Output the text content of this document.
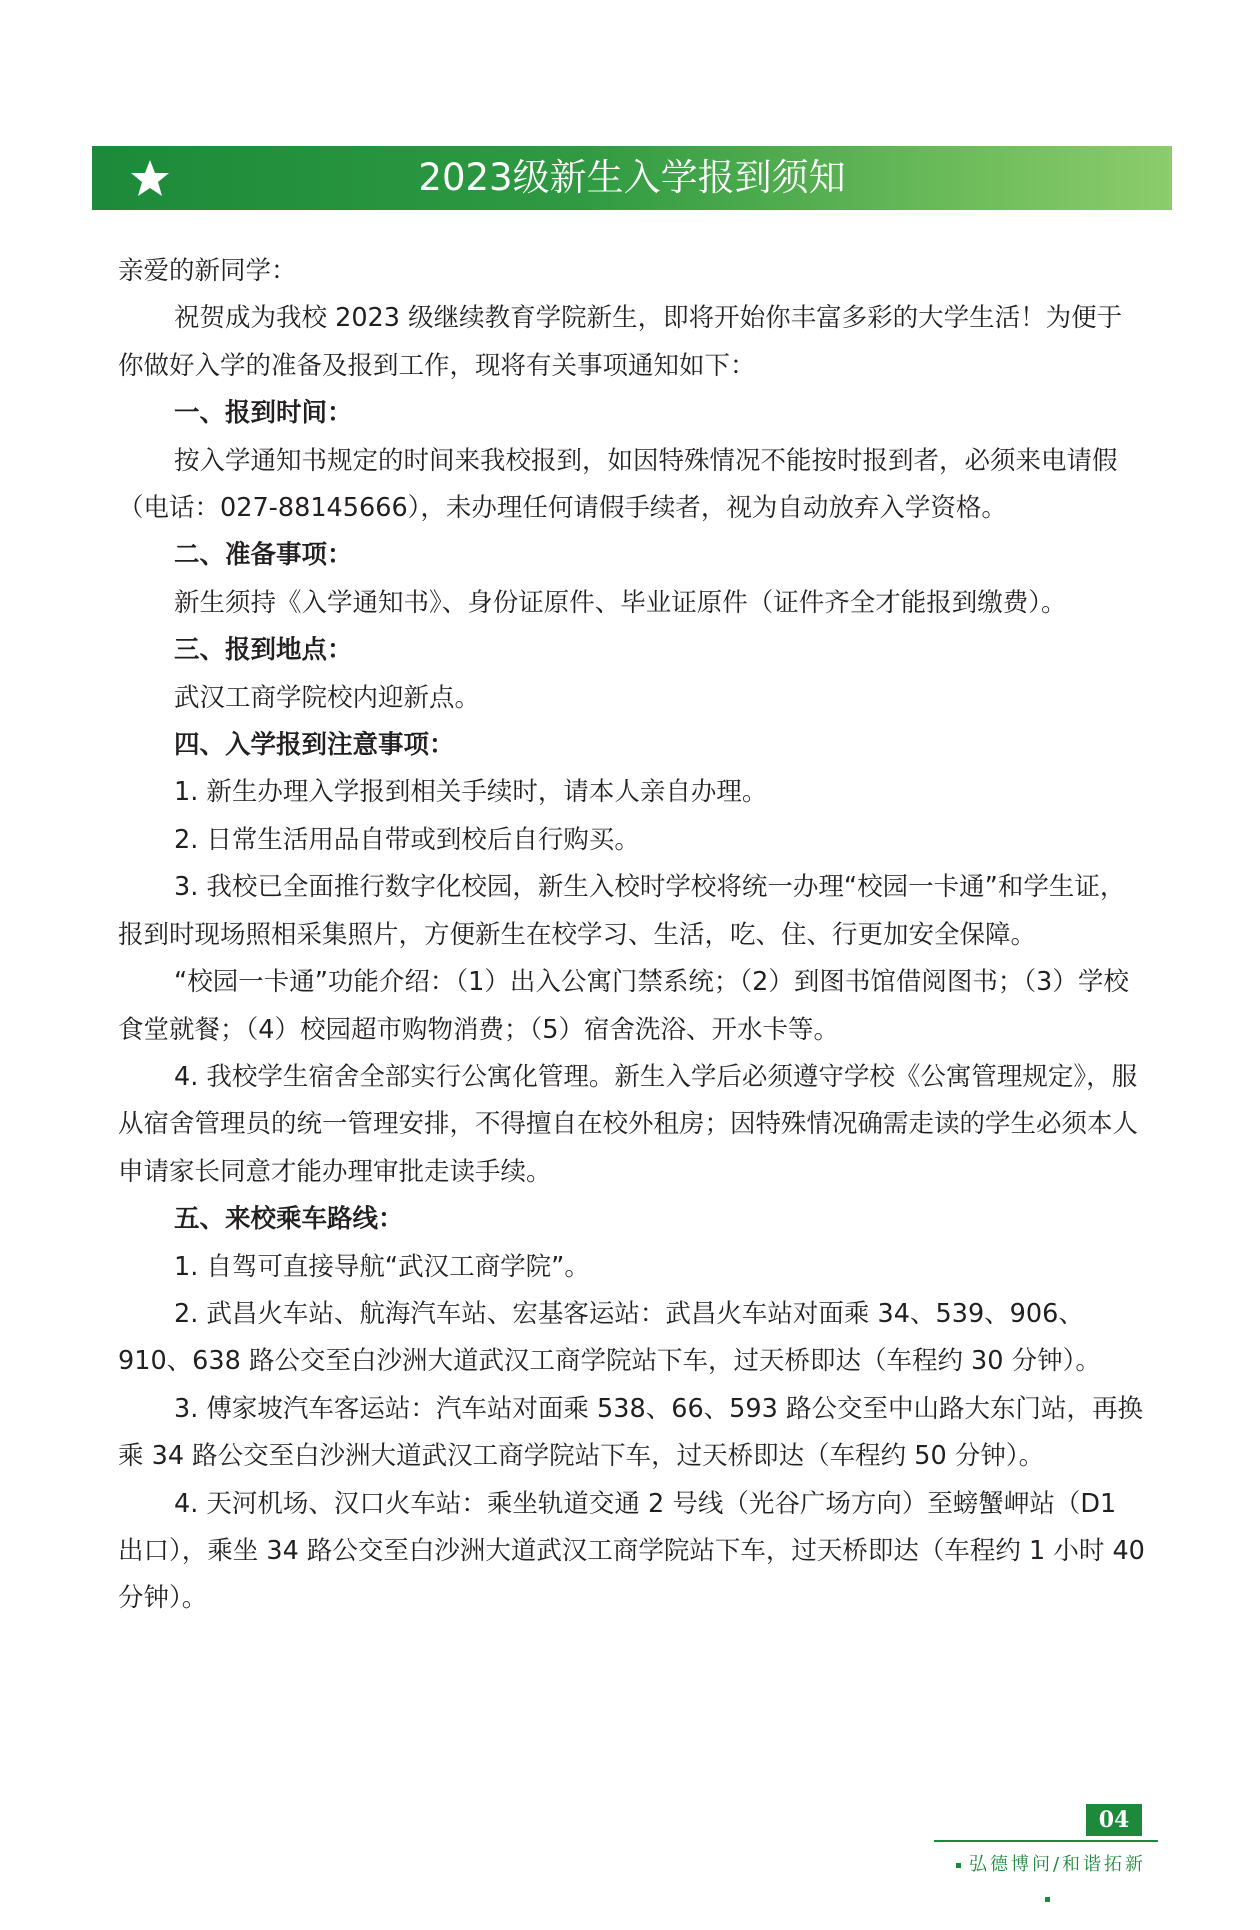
2023级新生入学报到须知

亲爱的新同学：

祝贺成为我校 2023 级继续教育学院新生，即将开始你丰富多彩的大学生活！为便于你做好入学的准备及报到工作，现将有关事项通知如下：

一、报到时间：

按入学通知书规定的时间来我校报到，如因特殊情况不能按时报到者，必须来电请假（电话：027-88145666），未办理任何请假手续者，视为自动放弃入学资格。

二、准备事项：

新生须持《入学通知书》、身份证原件、毕业证原件（证件齐全才能报到缴费）。

三、报到地点：

武汉工商学院校内迎新点。

四、入学报到注意事项：

1. 新生办理入学报到相关手续时，请本人亲自办理。

2. 日常生活用品自带或到校后自行购买。

3. 我校已全面推行数字化校园，新生入校时学校将统一办理“校园一卡通”和学生证，报到时现场照相采集照片，方便新生在校学习、生活，吃、住、行更加安全保障。

“校园一卡通”功能介绍：（1）出入公寓门禁系统；（2）到图书馆借阅图书；（3）学校食堂就餐；（4）校园超市购物消费；（5）宿舍洗浴、开水卡等。

4. 我校学生宿舍全部实行公寓化管理。新生入学后必须遵守学校《公寓管理规定》，服从宿舍管理员的统一管理安排，不得擅自在校外租房；因特殊情况确需走读的学生必须本人申请家长同意才能办理审批走读手续。

五、来校乘车路线：

1. 自驾可直接导航“武汉工商学院”。

2. 武昌火车站、航海汽车站、宏基客运站：武昌火车站对面乘 34、539、906、910、638 路公交至白沙洲大道武汉工商学院站下车，过天桥即达（车程约 30 分钟）。

3. 傅家坡汽车客运站：汽车站对面乘 538、66、593 路公交至中山路大东门站，再换乘 34 路公交至白沙洲大道武汉工商学院站下车，过天桥即达（车程约 50 分钟）。

4. 天河机场、汉口火车站：乘坐轨道交通 2 号线（光谷广场方向）至螃蟹岬站（D1 出口），乘坐 34 路公交至白沙洲大道武汉工商学院站下车，过天桥即达（车程约 1 小时 40 分钟）。

04
弘德博问/和谐拓新
